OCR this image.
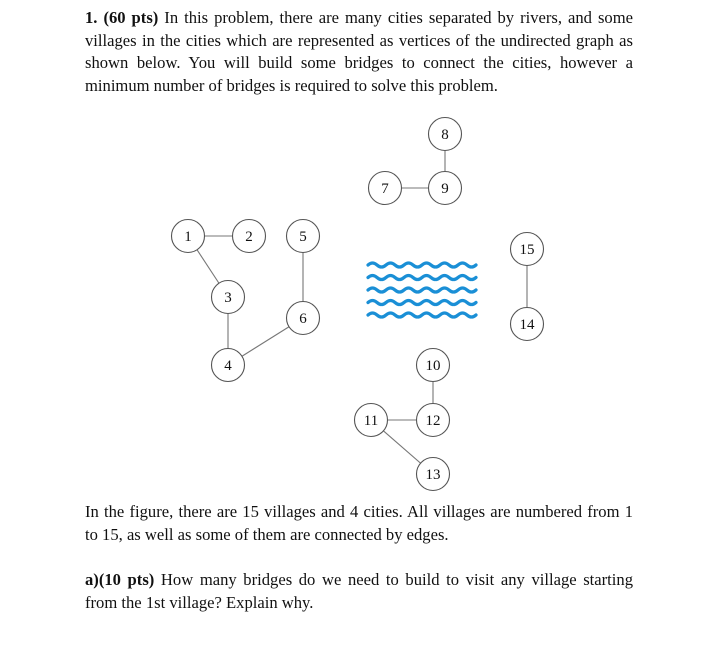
1. (60 pts) In this problem, there are many cities separated by rivers, and some villages in the cities which are represented as vertices of the undirected graph as shown below. You will build some bridges to connect the cities, however a minimum number of bridges is required to solve this problem.
1	2
3
4
5
6
7
8
9
10
11	12
13
14
15
In the figure, there are 15 villages and 4 cities. All villages are numbered from 1 to 15, as well as some of them are connected by edges.
a)(10 pts) How many bridges do we need to build to visit any village starting from the 1st village? Explain why.
